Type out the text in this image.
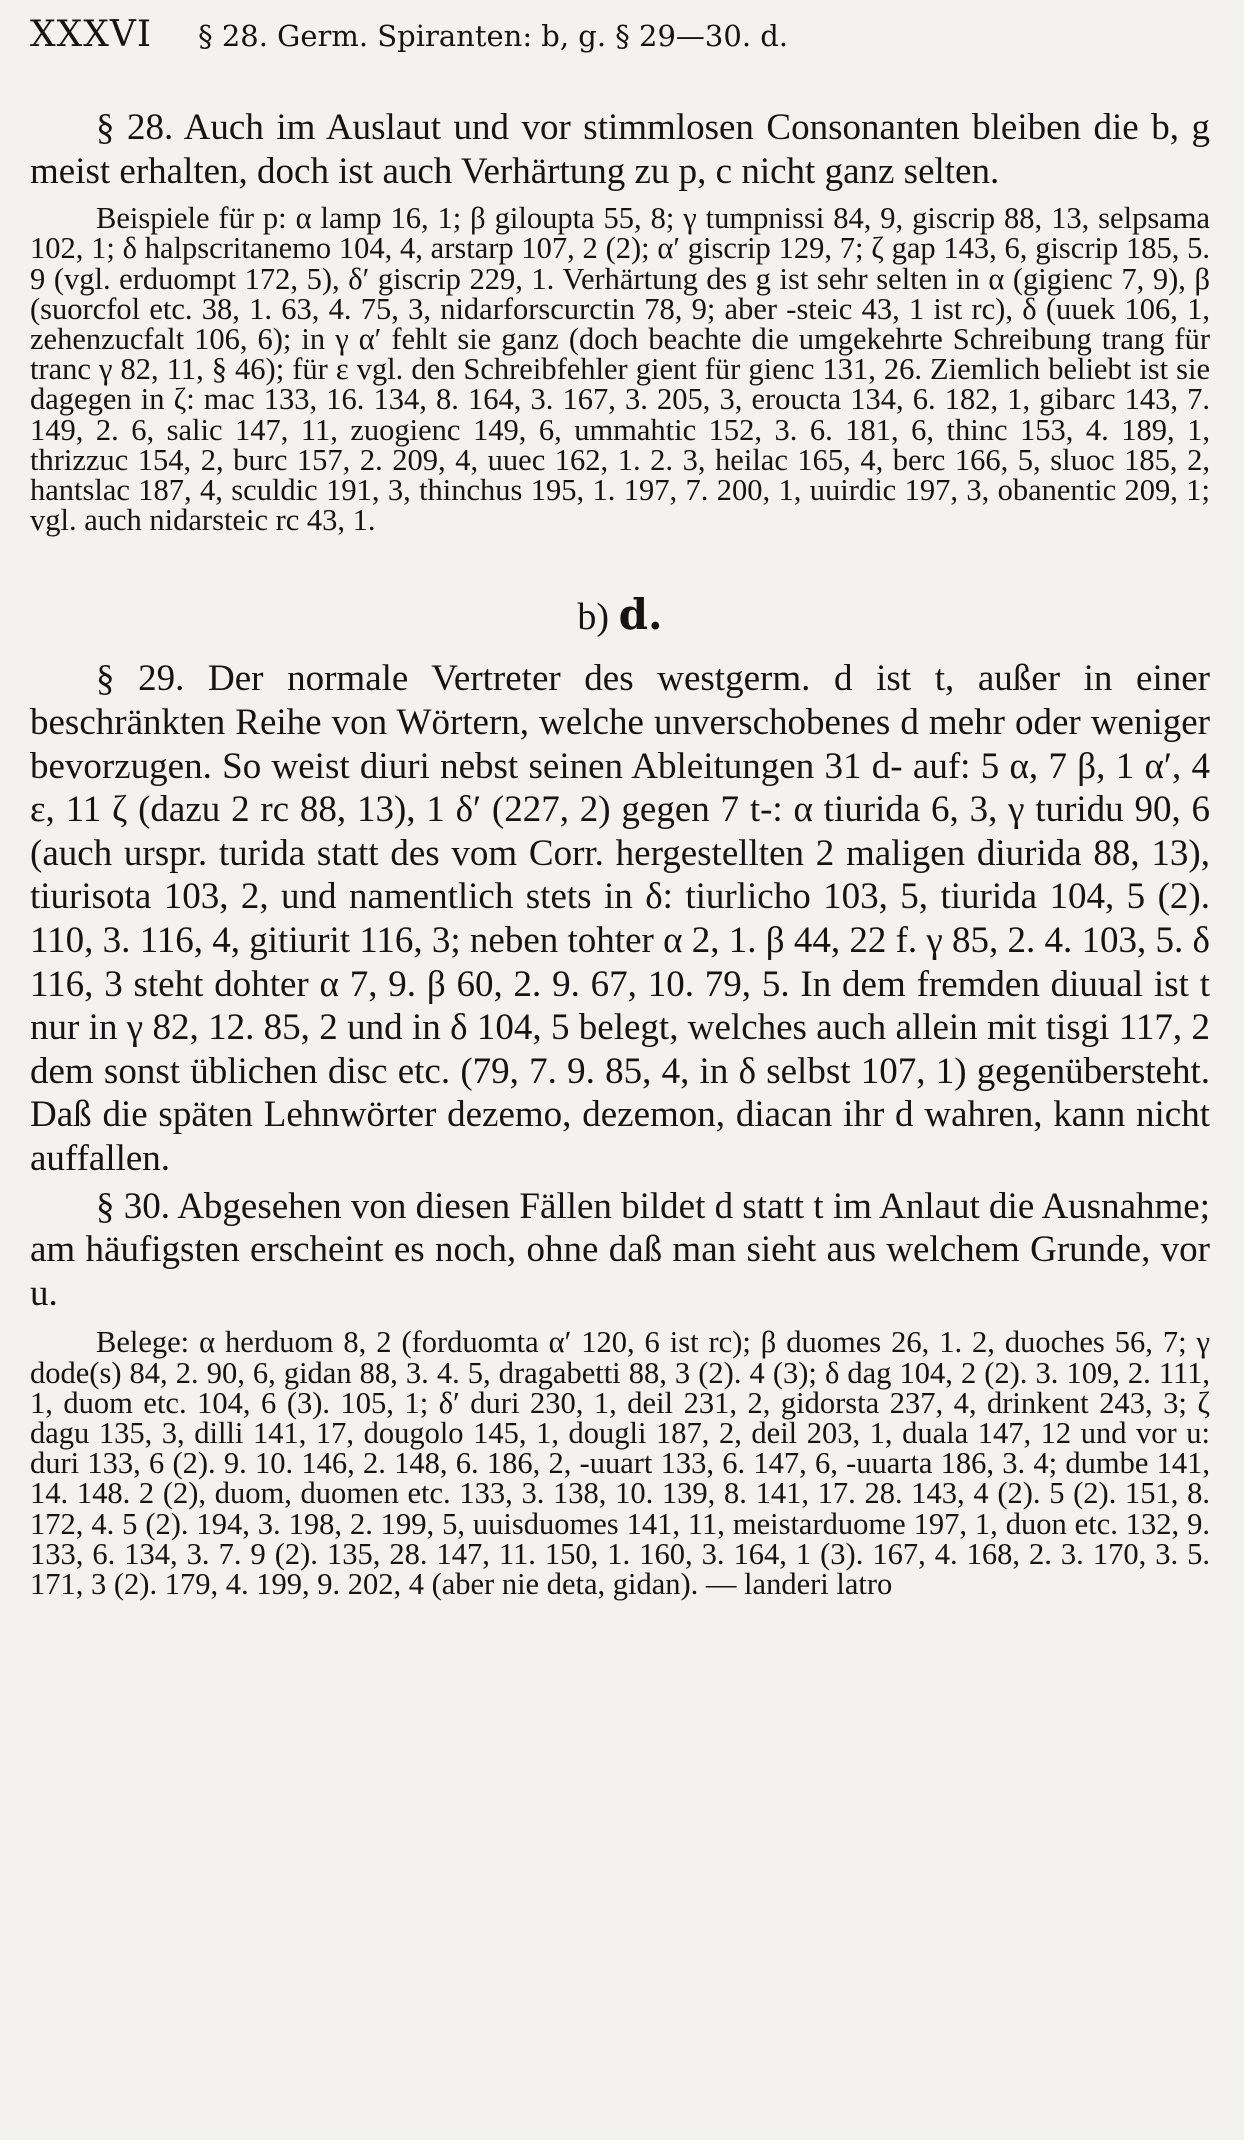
XXXVI § 28. Germ. Spiranten: b, g. § 29—30. d.

§ 28. Auch im Auslaut und vor stimmlosen Consonanten bleiben die b, g meist erhalten, doch ist auch Verhärtung zu p, c nicht ganz selten.

Beispiele für p: α lamp 16, 1; β giloupta 55, 8; γ tumpnissi 84, 9, giscrip 88, 13, selpsama 102, 1; δ halpscritanemo 104, 4, arstarp 107, 2 (2); α′ giscrip 129, 7; ζ gap 143, 6, giscrip 185, 5. 9 (vgl. erduompt 172, 5), δ′ giscrip 229, 1. Verhärtung des g ist sehr selten in α (gigienc 7, 9), β (suorcfol etc. 38, 1. 63, 4. 75, 3, nidarforscurctin 78, 9; aber -steic 43, 1 ist rc), δ (uuek 106, 1, zehenzucfalt 106, 6); in γ α′ fehlt sie ganz (doch beachte die umgekehrte Schreibung trang für tranc γ 82, 11, § 46); für ε vgl. den Schreibfehler gient für gienc 131, 26. Ziemlich beliebt ist sie dagegen in ζ: mac 133, 16. 134, 8. 164, 3. 167, 3. 205, 3, eroucta 134, 6. 182, 1, gibarc 143, 7. 149, 2. 6, salic 147, 11, zuogienc 149, 6, ummahtic 152, 3. 6. 181, 6, thinc 153, 4. 189, 1, thrizzuc 154, 2, burc 157, 2. 209, 4, uuec 162, 1. 2. 3, heilac 165, 4, berc 166, 5, sluoc 185, 2, hantslac 187, 4, sculdic 191, 3, thinchus 195, 1. 197, 7. 200, 1, uuirdic 197, 3, obanentic 209, 1; vgl. auch nidarsteic rc 43, 1.

b) d.

§ 29. Der normale Vertreter des westgerm. d ist t, außer in einer beschränkten Reihe von Wörtern, welche unverschobenes d mehr oder weniger bevorzugen. So weist diuri nebst seinen Ableitungen 31 d- auf: 5 α, 7 β, 1 α′, 4 ε, 11 ζ (dazu 2 rc 88, 13), 1 δ′ (227, 2) gegen 7 t-: α tiurida 6, 3, γ turidu 90, 6 (auch urspr. turida statt des vom Corr. hergestellten 2 maligen diurida 88, 13), tiurisota 103, 2, und namentlich stets in δ: tiurlicho 103, 5, tiurida 104, 5 (2). 110, 3. 116, 4, gitiurit 116, 3; neben tohter α 2, 1. β 44, 22 f. γ 85, 2. 4. 103, 5. δ 116, 3 steht dohter α 7, 9. β 60, 2. 9. 67, 10. 79, 5. In dem fremden diuual ist t nur in γ 82, 12. 85, 2 und in δ 104, 5 belegt, welches auch allein mit tisgi 117, 2 dem sonst üblichen disc etc. (79, 7. 9. 85, 4, in δ selbst 107, 1) gegenübersteht. Daß die späten Lehnwörter dezemo, dezemon, diacan ihr d wahren, kann nicht auffallen.

§ 30. Abgesehen von diesen Fällen bildet d statt t im Anlaut die Ausnahme; am häufigsten erscheint es noch, ohne daß man sieht aus welchem Grunde, vor u.

Belege: α herduom 8, 2 (forduomta α′ 120, 6 ist rc); β duomes 26, 1. 2, duoches 56, 7; γ dode(s) 84, 2. 90, 6, gidan 88, 3. 4. 5, dragabetti 88, 3 (2). 4 (3); δ dag 104, 2 (2). 3. 109, 2. 111, 1, duom etc. 104, 6 (3). 105, 1; δ′ duri 230, 1, deil 231, 2, gidorsta 237, 4, drinkent 243, 3; ζ dagu 135, 3, dilli 141, 17, dougolo 145, 1, dougli 187, 2, deil 203, 1, duala 147, 12 und vor u: duri 133, 6 (2). 9. 10. 146, 2. 148, 6. 186, 2, -uuart 133, 6. 147, 6, -uuarta 186, 3. 4; dumbe 141, 14. 148. 2 (2), duom, duomen etc. 133, 3. 138, 10. 139, 8. 141, 17. 28. 143, 4 (2). 5 (2). 151, 8. 172, 4. 5 (2). 194, 3. 198, 2. 199, 5, uuisduomes 141, 11, meistarduome 197, 1, duon etc. 132, 9. 133, 6. 134, 3. 7. 9 (2). 135, 28. 147, 11. 150, 1. 160, 3. 164, 1 (3). 167, 4. 168, 2. 3. 170, 3. 5. 171, 3 (2). 179, 4. 199, 9. 202, 4 (aber nie deta, gidan). — landeri latro
